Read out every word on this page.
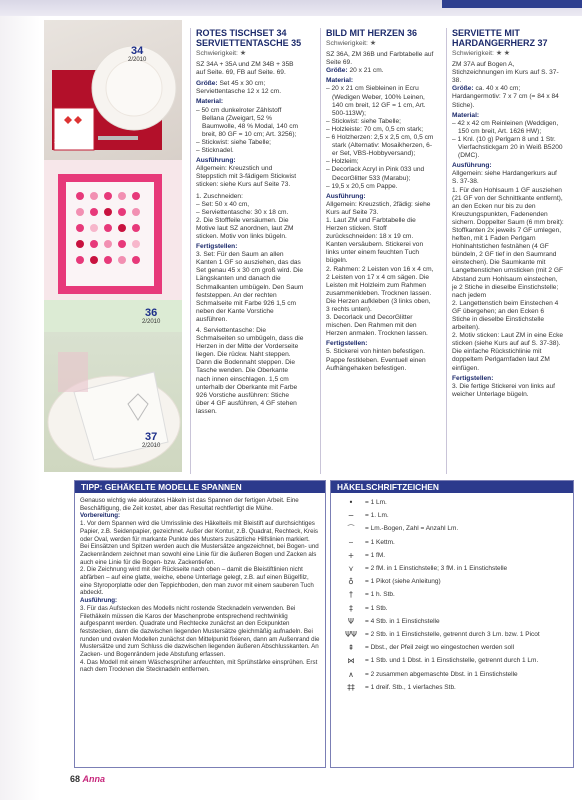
34
2/2010
35
2/2010
36
2/2010
37
2/2010
ROTES TISCHSET 34 SERVIETTENTASCHE 35
Schwierigkeit: ★

SZ 34A + 35A und ZM 34B + 35B auf Seite. 69, FB auf Seite. 69.

Größe: Set 45 x 30 cm; Serviettentasche 12 x 12 cm.

Material:

– 50 cm dunkelroter Zählstoff Bellana (Zweigart, 52 % Baumwolle, 48 % Modal, 140 cm breit, 80 GF = 10 cm; Art. 3256);

– Stickwist: siehe Tabelle;

– Sticknadel.

Ausführung:

Allgemein: Kreuzstich und Steppstich mit 3-fädigem Stickwist sticken: siehe Kurs auf Seite 73.

1. Zuschneiden:

– Set: 50 x 40 cm,

– Serviettentasche: 30 x 18 cm.

2. Die Stofffeile versäumen. Die Motive laut SZ anordnen, laut ZM sticken. Motiv von links bügeln.

Fertigstellen:

3. Set: Für den Saum an allen Kanten 1 GF so ausziehen, das das Set genau 45 x 30 cm groß wird. Die Längskanten und danach die Schmalkanten umbügeln. Den Saum feststeppen. An der rechten Schmalseite mit Farbe 926 1,5 cm neben der Kante Vorstiche ausführen.

4. Serviettentasche: Die Schmalseiten so umbügeln, dass die Herzen in der Mitte der Vorderseite liegen. Die rückw. Naht steppen. Dann die Bodennaht steppen. Die Tasche wenden. Die Oberkante nach innen einschlagen. 1,5 cm unterhalb der Oberkante mit Farbe 926 Vorstiche ausführen: Stiche über 4 GF ausführen, 4 GF stehen lassen.

BILD MIT HERZEN 36
Schwierigkeit: ★

SZ 36A, ZM 36B und Farbtabelle auf Seite 69.

Größe: 20 x 21 cm.

Material:

– 20 x 21 cm Siebleinen in Ecru (Wedigen Weber, 100% Leinen, 140 cm breit, 12 GF = 1 cm, Art. 500-113W);

– Stickwist: siehe Tabelle;

– Holzleiste: 70 cm, 0,5 cm stark;

– 6 Holzherzen: 2,5 x 2,5 cm, 0,5 cm stark (Alternativ: Mosaikherzen, 6-er Set, VBS-Hobbyversand);

– Holzleim;

– Decorlack Acryl in Pink 033 und DecorGlitter 533 (Marabu);

– 19,5 x 20,5 cm Pappe.

Ausführung:

Allgemein: Kreuzstich, 2fädig: siehe Kurs auf Seite 73.

1. Laut ZM und Farbtabelle die Herzen sticken. Stoff zurückschneiden: 18 x 19 cm. Kanten versäubern. Stickerei von links unter einem feuchten Tuch bügeln.

2. Rahmen: 2 Leisten von 16 x 4 cm, 2 Leisten von 17 x 4 cm sägen. Die Leisten mit Holzleim zum Rahmen zusammenkleben. Trocknen lassen. Die Herzen aufkleben (3 links oben, 3 rechts unten).

3. Decorlack und DecorGlitter mischen. Den Rahmen mit den Herzen anmalen. Trocknen lassen.

Fertigstellen:

5. Stickerei von hinten befestigen. Pappe festkleben. Eventuell einen Aufhängehaken befestigen.

SERVIETTE MIT HARDANGERHERZ 37
Schwierigkeit: ★ ★

ZM 37A auf Bogen A, Stichzeichnungen im Kurs auf S. 37-38.

Größe: ca. 40 x 40 cm; Hardangermotiv: 7 x 7 cm (= 84 x 84 Stiche).

Material:

– 42 x 42 cm Reinleinen (Weddigen, 150 cm breit, Art. 1626 HW);

– 1 Knl. (10 g) Perlgarn 8 und 1 Str. Vierfachstickgarn 20 in Weiß B5200 (DMC).

Ausführung:

Allgemein: siehe Hardangerkurs auf S. 37-38.

1. Für den Hohlsaum 1 GF ausziehen (21 GF von der Schnittkante entfernt), an den Ecken nur bis zu den Kreuzungspunkten, Fadenenden sichern. Doppelter Saum (6 mm breit): Stoffkanten 2x jeweils 7 GF umlegen, heften, mit 1 Faden Perlgarn Hohlnahtstichen festnähen (4 GF bündeln, 2 GF tief in den Saumrand einstechen). Die Saumkante mit Langettenstichen umsticken (mit 2 GF Abstand zum Hohlsaum einstechen, je 2 Stiche in dieselbe Einstichstelle; nach jedem

2. Langettenstich beim Einstechen 4 GF übergehen; an den Ecken 6 Stiche in dieselbe Einstichstelle arbeiten).

2. Motiv sticken: Laut ZM in eine Ecke sticken (siehe Kurs auf auf S. 37-38). Die einfache Rückstichlinie mit doppeltem Perlgarnfaden laut ZM einfügen.

Fertigstellen:

3. Die fertige Stickerei von links auf weicher Unterlage bügeln.

TIPP: GEHÄKELTE MODELLE SPANNEN

Genauso wichtig wie akkurates Häkeln ist das Spannen der fertigen Arbeit. Eine Beschäftigung, die Zeit kostet, aber das Resultat rechtfertigt die Mühe.

Vorbereitung:

1. Vor dem Spannen wird die Umrisslinie des Häkelteils mit Bleistift auf durchsichtiges Papier, z.B. Seidenpapier, gezeichnet. Außer der Kontur, z.B. Quadrat, Rechteck, Kreis oder Oval, werden für markante Punkte des Musters zusätzliche Hilfslinien markiert. Bei Einsätzen und Spitzen werden auch die Mustersätze angezeichnet, bei Bogen- und Zackenrändern zeichnet man sowohl eine Linie für die äußeren Bogen und Zacken als auch eine Linie für die Bogen- bzw. Zackentiefen.

2. Die Zeichnung wird mit der Rückseite nach oben – damit die Bleistiftlinien nicht abfärben – auf eine glatte, weiche, ebene Unterlage gelegt, z.B. auf einen Bügelfilz, eine Styroporplatte oder den Teppichboden, den man zuvor mit einem sauberen Tuch abdeckt.

Ausführung:

3. Für das Aufstecken des Modells nicht rostende Stecknadeln verwenden. Bei Filethäkeln müssen die Karos der Maschenprobe entsprechend rechtwinklig aufgespannt werden. Quadrate und Rechtecke zunächst an den Eckpunkten feststecken, dann die dazwischen liegenden Mustersätze gleichmäßig aufnadeln. Bei runden und ovalen Modellen zunächst den Mittelpunkt fixieren, dann am Außenrand die Mustersätze und zum Schluss die dazwischen liegenden äußeren Abschlusskanten. An Zacken- und Bogenrändern jede Abstufung erfassen.

4. Das Modell mit einem Wäschesprüher anfeuchten, mit Sprühstärke einsprühen. Erst nach dem Trocknen die Stecknadeln entfernen.

HÄKELSCHRIFTZEICHEN
•	= 1 Lm.
─	= 1. Lm.
⌒	= Lm.-Bogen, Zahl = Anzahl Lm.
⌣	= 1 Kettm.
+	= 1 fM.
⋎	= 2 fM. in 1 Einstichstelle; 3 fM. in 1 Einstichstelle
♁	= 1 Pikot (siehe Anleitung)
†	= 1 h. Stb.
‡	= 1 Stb.
Ψ	= 4 Stb. in 1 Einstichstelle
ΨΨ	= 2 Stb. in 1 Einstichstelle, getrennt durch 3 Lm. bzw. 1 Picot
⇞	= Dbst., der Pfeil zeigt wo eingestochen werden soll
⋈	= 1 Stb. und 1 Dbst. in 1 Einstichstelle, getrennt durch 1 Lm.
∧	= 2 zusammen abgemaschte Dbst. in 1 Einstichstelle
‡‡	= 1 dreif. Stb., 1 vierfaches Stb.
68 Anna
